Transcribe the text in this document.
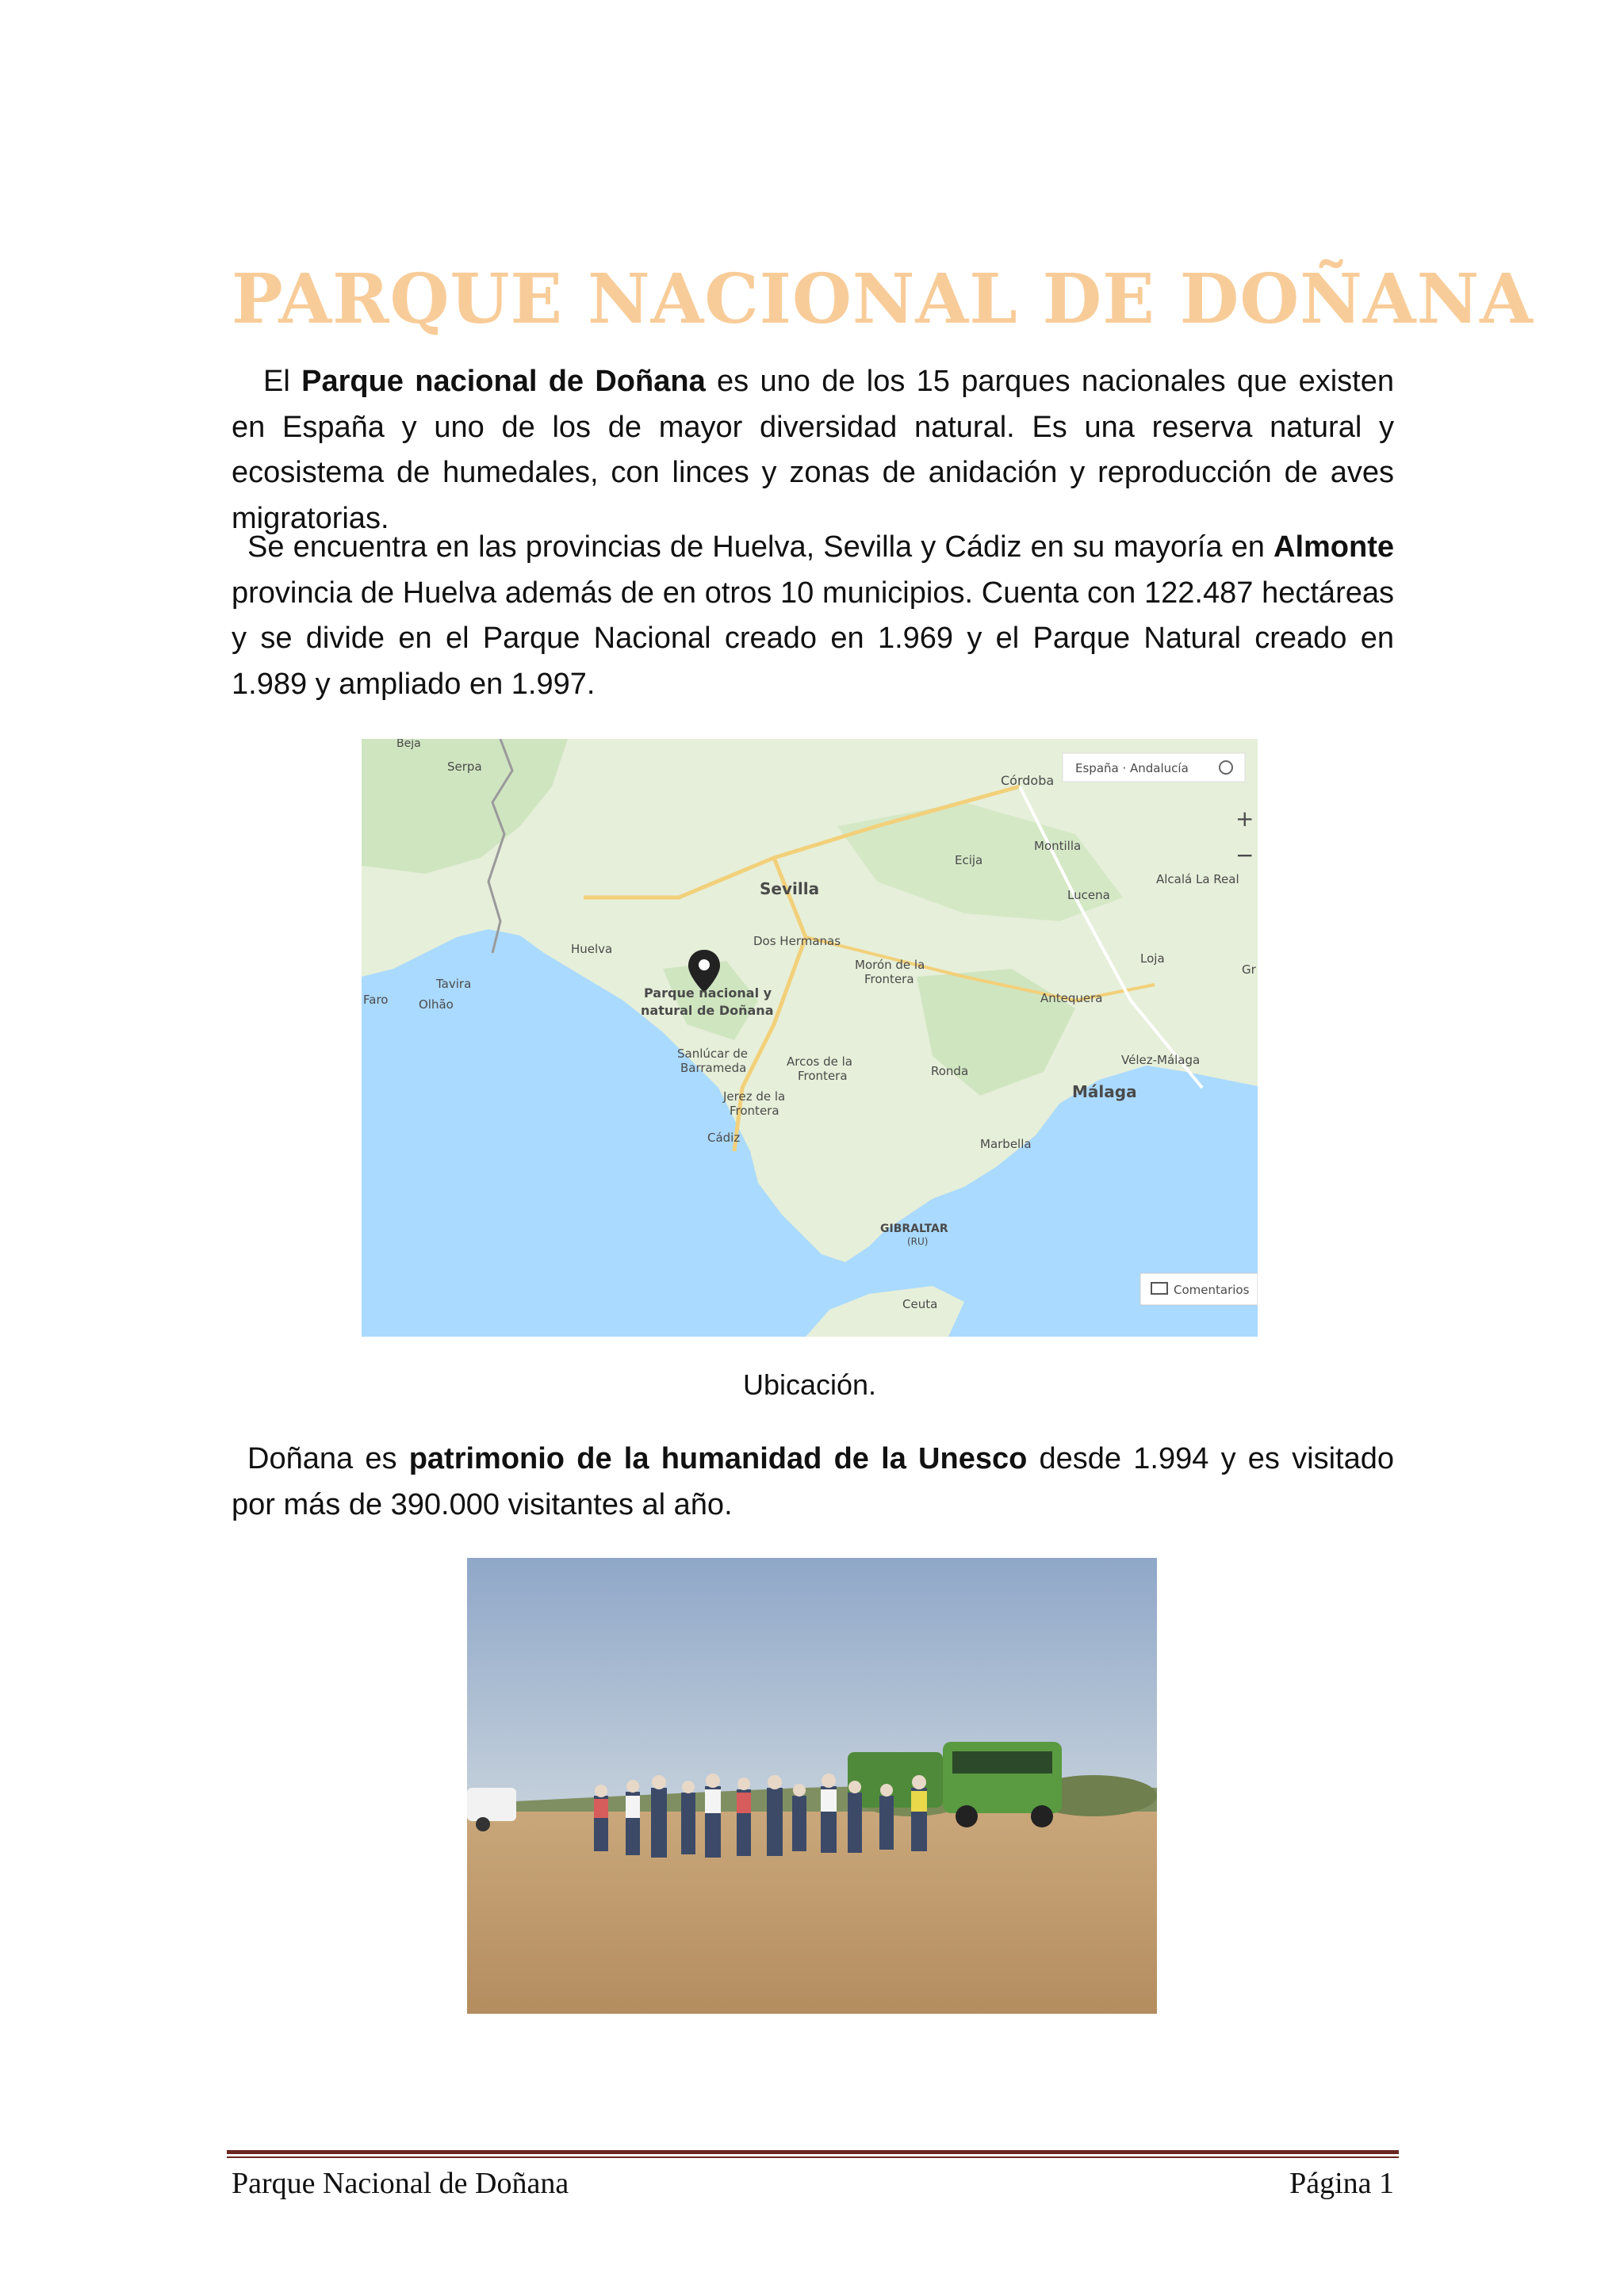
PARQUE NACIONAL DE DOÑANA

El Parque nacional de Doñana es uno de los 15 parques nacionales que existen en España y uno de los de mayor diversidad natural. Es una reserva natural y ecosistema de humedales, con linces y zonas de anidación y reproducción de aves migratorias.

Se encuentra en las provincias de Huelva, Sevilla y Cádiz en su mayoría en Almonte provincia de Huelva además de en otros 10 municipios. Cuenta con 122.487 hectáreas y se divide en el Parque Nacional creado en 1.969 y el Parque Natural creado en 1.989 y ampliado en 1.997.

Parque nacional y
natural de Doñana
Beja
Serpa
Córdoba
Sevilla
Ecija
Montilla
Lucena
Alcalá La Real
Huelva
Dos Hermanas
Morón de la
Frontera
Loja
Tavira
Faro	Olhão	Antequera
Sanlúcar de
Barrameda	Arcos de la
Frontera	Ronda
Vélez-Málaga
Málaga
Jerez de la
Frontera
Cádiz	Marbella
GIBRALTAR
(RU)
Ceuta
Gr
España · Andalucía
+
−
Comentarios
Ubicación.

Doñana es patrimonio de la humanidad de la Unesco desde 1.994 y es visitado por más de 390.000 visitantes al año.

Parque Nacional de Doñana	Página 1
